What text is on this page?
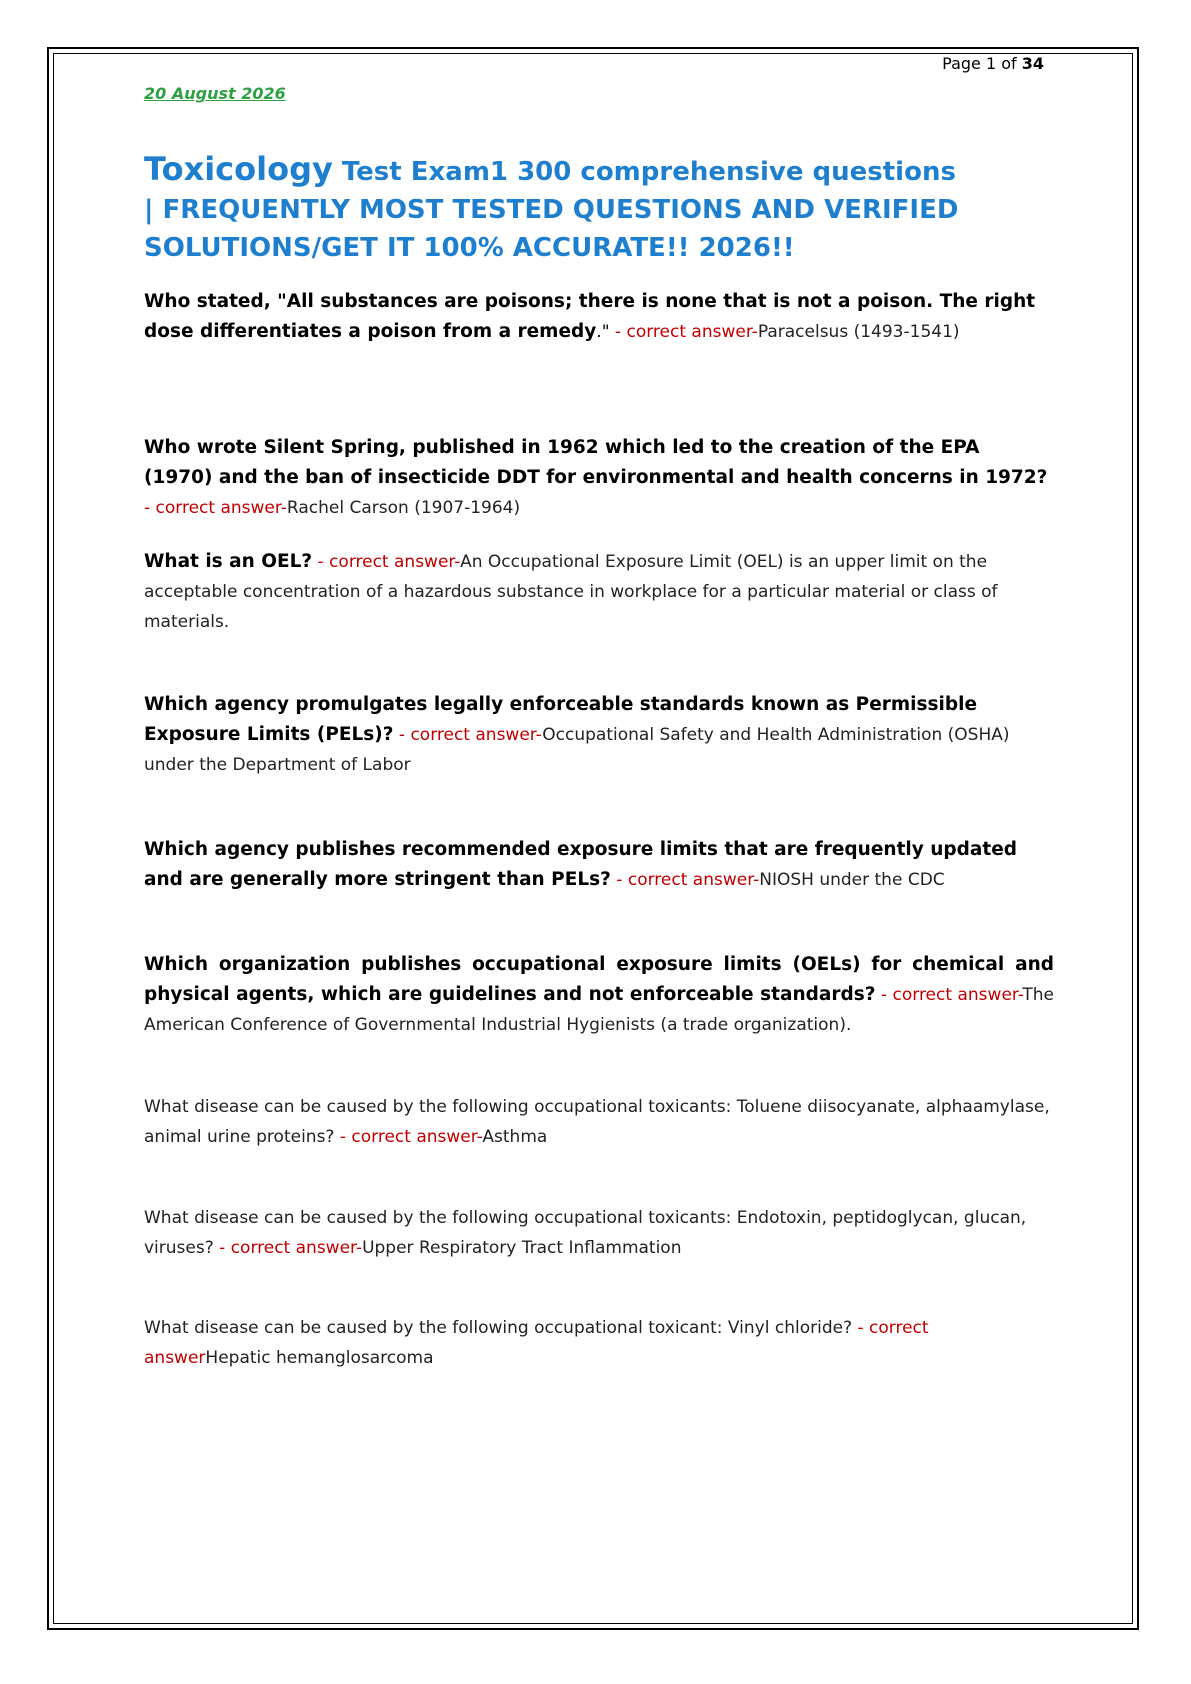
Page 1 of 34
20 August 2026
Toxicology Test Exam1 300 comprehensive questions
| FREQUENTLY MOST TESTED QUESTIONS AND VERIFIED
SOLUTIONS/GET IT 100% ACCURATE!! 2026!!
Who stated, "All substances are poisons; there is none that is not a poison. The right dose differentiates a poison from a remedy." - correct answer-Paracelsus (1493-1541)
Who wrote Silent Spring, published in 1962 which led to the creation of the EPA (1970) and the ban of insecticide DDT for environmental and health concerns in 1972? - correct answer-Rachel Carson (1907-1964)
What is an OEL? - correct answer-An Occupational Exposure Limit (OEL) is an upper limit on the acceptable concentration of a hazardous substance in workplace for a particular material or class of materials.
Which agency promulgates legally enforceable standards known as Permissible Exposure Limits (PELs)? - correct answer-Occupational Safety and Health Administration (OSHA) under the Department of Labor
Which agency publishes recommended exposure limits that are frequently updated and are generally more stringent than PELs? - correct answer-NIOSH under the CDC
Which organization publishes occupational exposure limits (OELs) for chemical and physical agents, which are guidelines and not enforceable standards? - correct answer-The American Conference of Governmental Industrial Hygienists (a trade organization).
What disease can be caused by the following occupational toxicants: Toluene diisocyanate, alphaamylase, animal urine proteins? - correct answer-Asthma
What disease can be caused by the following occupational toxicants: Endotoxin, peptidoglycan, glucan, viruses? - correct answer-Upper Respiratory Tract Inflammation
What disease can be caused by the following occupational toxicant: Vinyl chloride? - correct answerHepatic hemanglosarcoma
